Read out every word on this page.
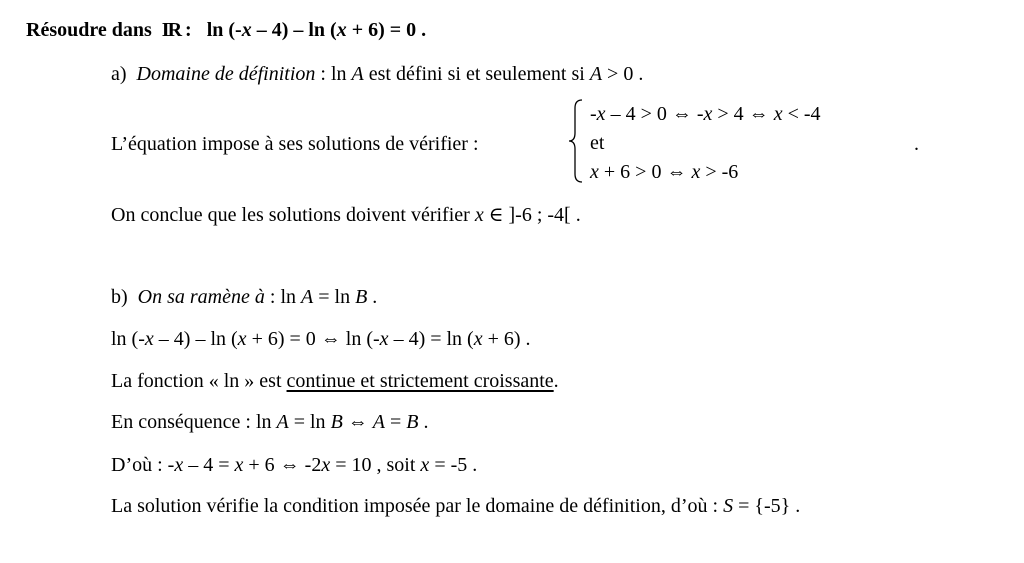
Résoudre dans IR : ln (-x – 4) – ln (x + 6) = 0 .
a) Domaine de définition : ln A est défini si et seulement si A > 0 .
L’équation impose à ses solutions de vérifier :
-x – 4 > 0 ⇔ -x > 4 ⇔ x < -4
et
x + 6 > 0 ⇔ x > -6
.
On conclue que les solutions doivent vérifier x ∈ ]-6 ; -4[ .
b) On sa ramène à : ln A = ln B .
ln (-x – 4) – ln (x + 6) = 0 ⇔ ln (-x – 4) = ln (x + 6) .
La fonction « ln » est continue et strictement croissante.
En conséquence : ln A = ln B ⇔ A = B .
D’où : -x – 4 = x + 6 ⇔ -2x = 10 , soit x = -5 .
La solution vérifie la condition imposée par le domaine de définition, d’où : S = {-5} .
